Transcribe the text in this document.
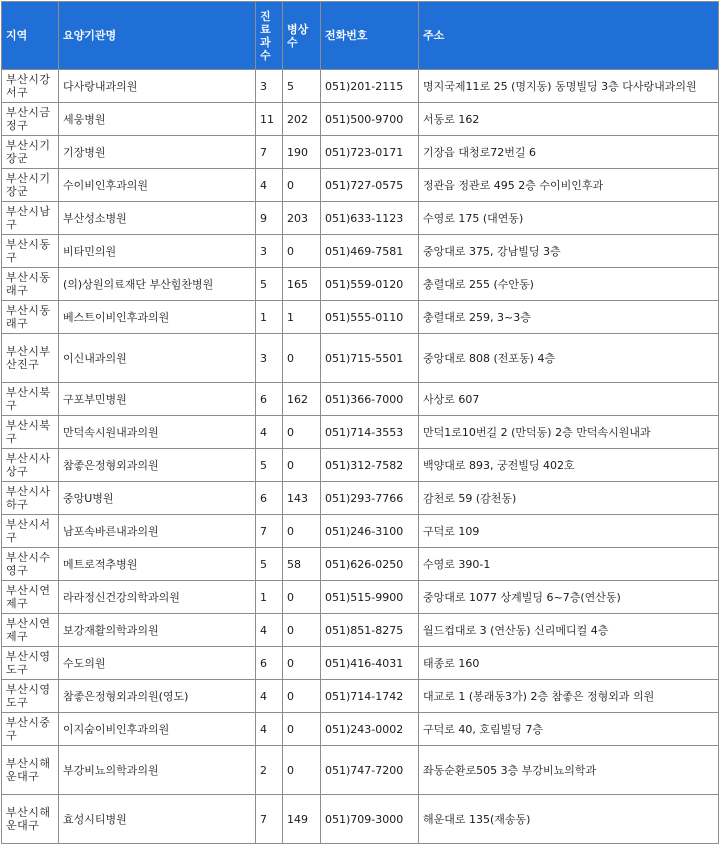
지역	요양기관명	진료과수	병상수	전화번호	주소
부산시강서구	다사랑내과의원	3	5	051)201-2115	명지국제11로 25 (명지동) 동명빌딩 3층 다사랑내과의원
부산시금정구	세웅병원	11	202	051)500-9700	서동로 162
부산시기장군	기장병원	7	190	051)723-0171	기장읍 대청로72번길 6
부산시기장군	수이비인후과의원	4	0	051)727-0575	정관읍 정관로 495 2층 수이비인후과
부산시남구	부산성소병원	9	203	051)633-1123	수영로 175 (대연동)
부산시동구	비타민의원	3	0	051)469-7581	중앙대로 375, 강남빌딩 3층
부산시동래구	(의)상원의료재단 부산힘찬병원	5	165	051)559-0120	충렬대로 255 (수안동)
부산시동래구	베스트이비인후과의원	1	1	051)555-0110	충렬대로 259, 3~3층
부산시부산진구	이신내과의원	3	0	051)715-5501	중앙대로 808 (전포동) 4층
부산시북구	구포부민병원	6	162	051)366-7000	사상로 607
부산시북구	만덕속시원내과의원	4	0	051)714-3553	만덕1로10번길 2 (만덕동) 2층 만덕속시원내과
부산시사상구	참좋은정형외과의원	5	0	051)312-7582	백양대로 893, 궁전빌딩 402호
부산시사하구	중앙U병원	6	143	051)293-7766	감천로 59 (감천동)
부산시서구	남포속바른내과의원	7	0	051)246-3100	구덕로 109
부산시수영구	메트로적추병원	5	58	051)626-0250	수영로 390-1
부산시연제구	라라정신건강의학과의원	1	0	051)515-9900	중앙대로 1077 상계빌딩 6~7층(연산동)
부산시연제구	보강재활의학과의원	4	0	051)851-8275	월드컵대로 3 (연산동) 신리메디컬 4층
부산시영도구	수도의원	6	0	051)416-4031	태종로 160
부산시영도구	참좋은정형외과의원(영도)	4	0	051)714-1742	대교로 1 (봉래동3가) 2층 참좋은 정형외과 의원
부산시중구	이지숨이비인후과의원	4	0	051)243-0002	구덕로 40, 호림빌딩 7층
부산시해운대구	부강비뇨의학과의원	2	0	051)747-7200	좌동순환로505 3층 부강비뇨의학과
부산시해운대구	효성시티병원	7	149	051)709-3000	해운대로 135(재송동)
